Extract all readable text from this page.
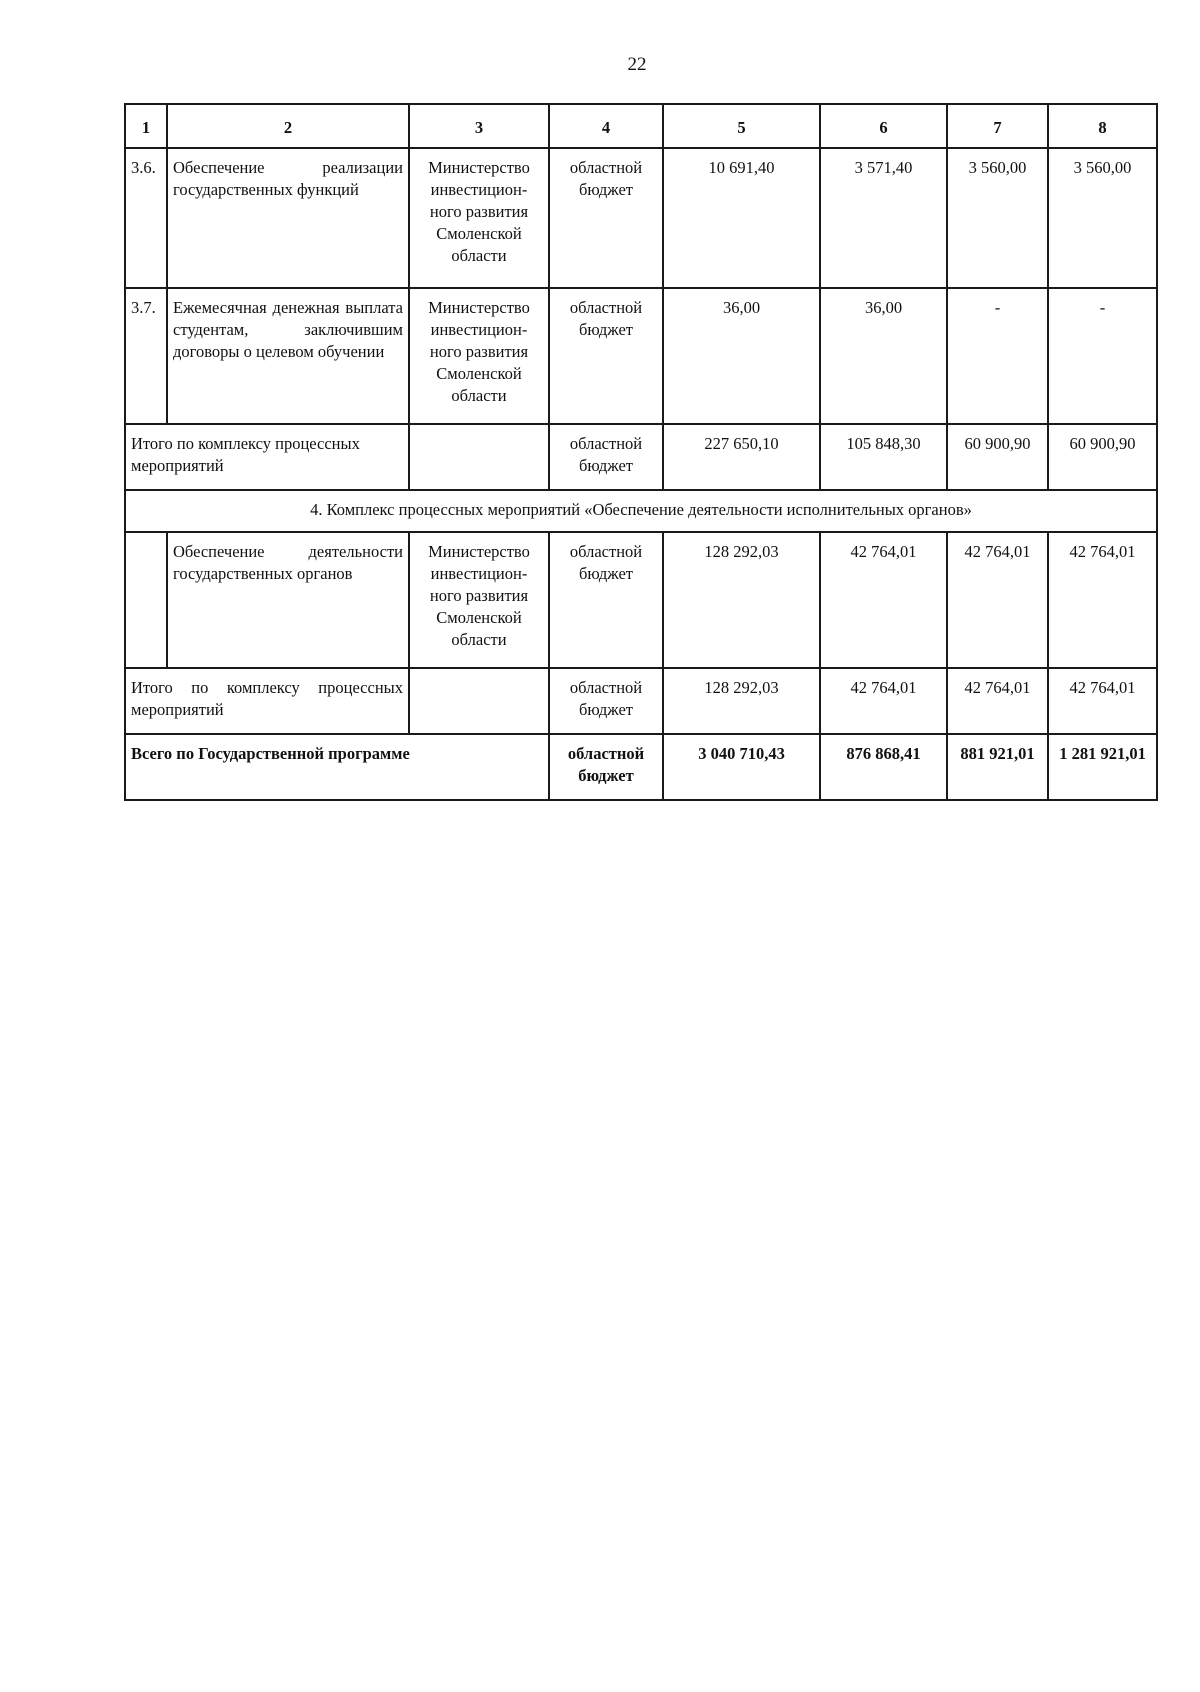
22
1	2	3	4	5	6	7	8
3.6.	Обеспечение реализации государственных функций	Министерство инвестицион-ного развития Смоленской области	областной бюджет	10 691,40	3 571,40	3 560,00	3 560,00
3.7.	Ежемесячная денежная выплата студентам, заключившим договоры о целевом обучении	Министерство инвестицион-ного развития Смоленской области	областной бюджет	36,00	36,00	-	-
Итого по комплексу процессных мероприятий			областной бюджет	227 650,10	105 848,30	60 900,90	60 900,90
4. Комплекс процессных мероприятий «Обеспечение деятельности исполнительных органов»							
	Обеспечение деятельности государственных органов	Министерство инвестицион-ного развития Смоленской области	областной бюджет	128 292,03	42 764,01	42 764,01	42 764,01
Итого по комплексу процессных мероприятий			областной бюджет	128 292,03	42 764,01	42 764,01	42 764,01
Всего по Государственной программе			областной бюджет	3 040 710,43	876 868,41	881 921,01	1 281 921,01
